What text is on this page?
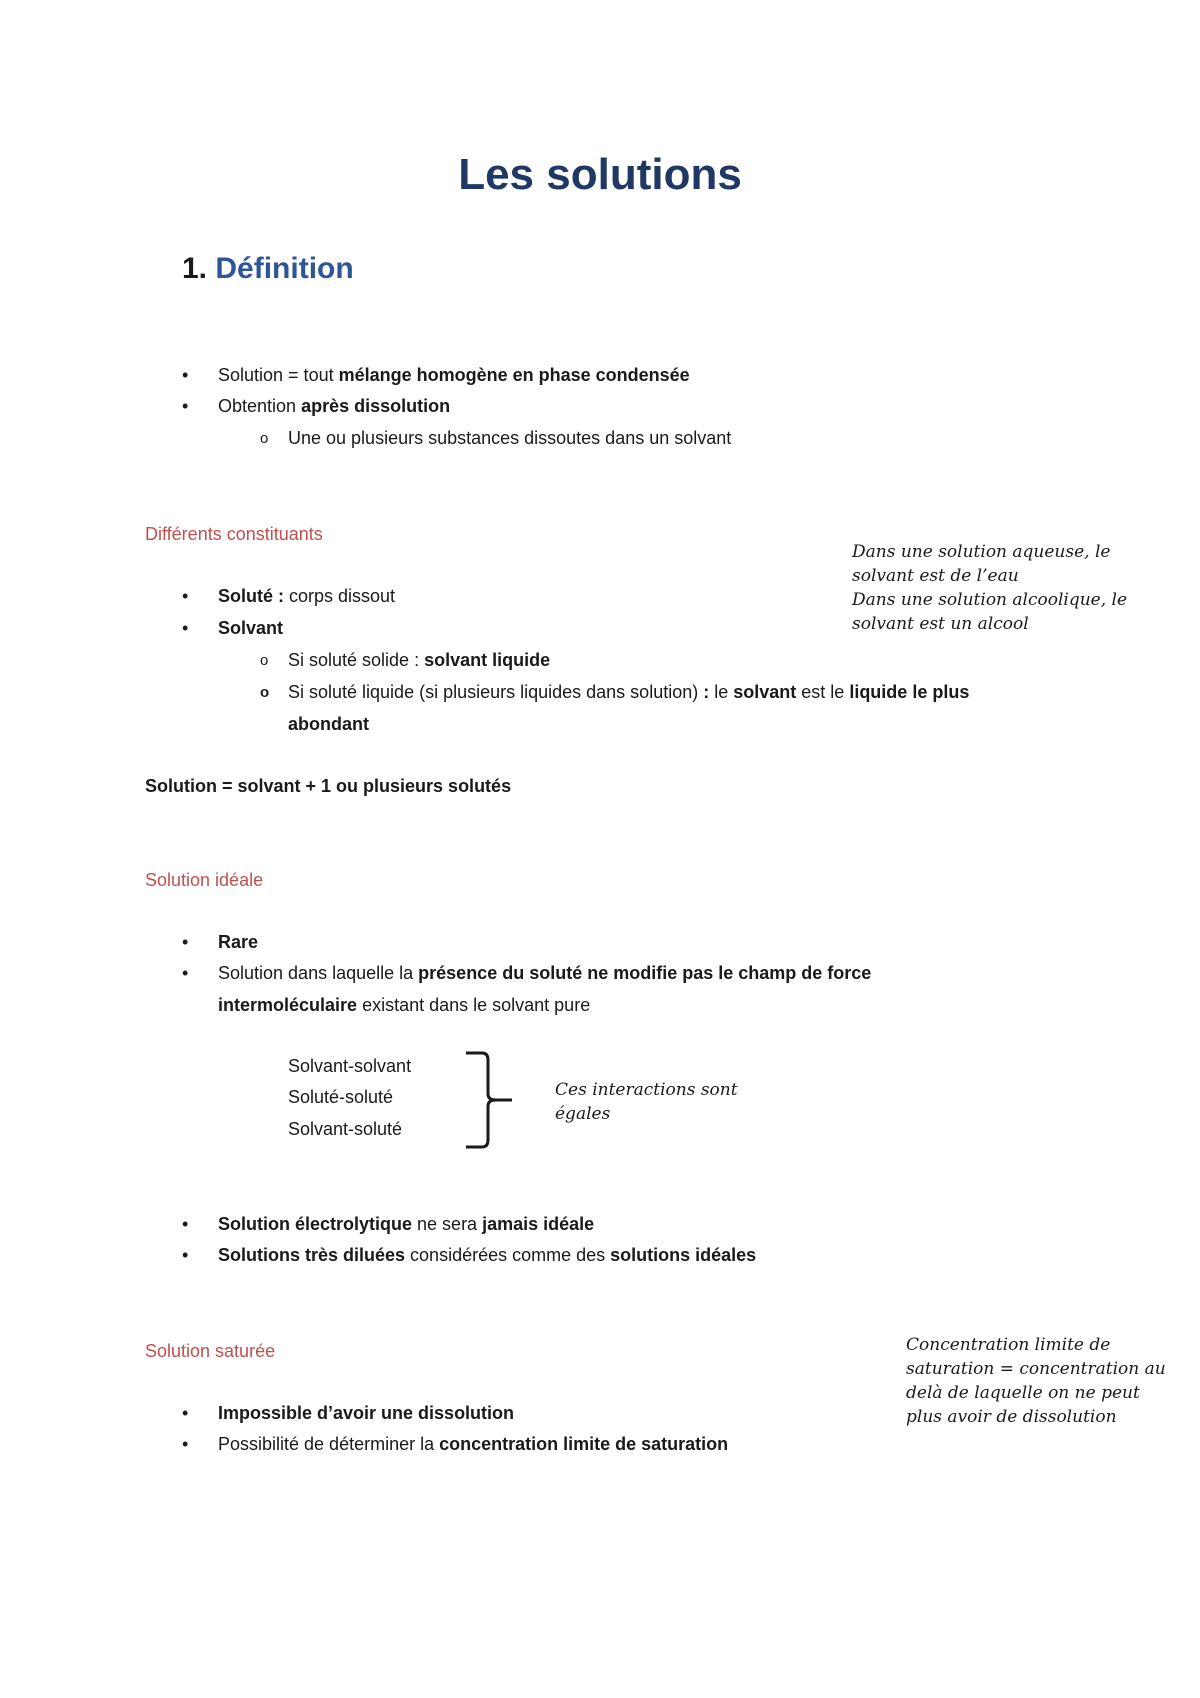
Les solutions
1. Définition
• Solution = tout mélange homogène en phase condensée
• Obtention après dissolution
o Une ou plusieurs substances dissoutes dans un solvant
Différents constituants
Dans une solution aqueuse, le
solvant est de l’eau
Dans une solution alcoolique, le
solvant est un alcool
• Soluté : corps dissout
• Solvant
o Si soluté solide : solvant liquide
o Si soluté liquide (si plusieurs liquides dans solution) : le solvant est le liquide le plus
abondant
Solution = solvant + 1 ou plusieurs solutés
Solution idéale
• Rare
• Solution dans laquelle la présence du soluté ne modifie pas le champ de force
intermoléculaire existant dans le solvant pure
Solvant-solvant
Soluté-soluté
Solvant-soluté
Ces interactions sont
égales
• Solution électrolytique ne sera jamais idéale
• Solutions très diluées considérées comme des solutions idéales
Solution saturée	Concentration limite de
saturation = concentration au
delà de laquelle on ne peut
plus avoir de dissolution
• Impossible d’avoir une dissolution
• Possibilité de déterminer la concentration limite de saturation
